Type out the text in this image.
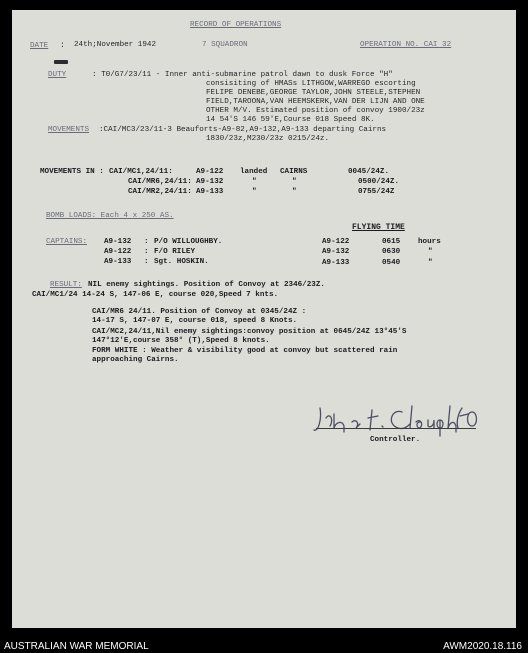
RECORD OF OPERATIONS
DATE : 24th;November 1942	7 SQUADRON	OPERATION NO. CAI 32
DUTY	: T0/G7/23/11 - Inner anti-submarine patrol dawn to dusk Force "H"
consisiting of HMASs LITHGOW,WARREGO escorting
FELIPE DENEBE,GEORGE TAYLOR,JOHN STEELE,STEPHEN
FIELD,TAROONA,VAN HEEMSKERK,VAN DER LIJN AND ONE
OTHER M/V. Estimated position of convoy 1900/23z
14 54'S 146 59'E,Course 018 Speed 8K.
MOVEMENTS :CAI/MC3/23/11-3 Beauforts-A9-82,A9-132,A9-133 departing Cairns
1830/23z,M230/23z 0215/24z.
MOVEMENTS IN : CAI/MC1,24/11:	A9-122 landed CAIRNS	0045/24Z.
CAI/MR6,24/11: A9-132	"	"	0500/24Z.
CAI/MR2,24/11: A9-133	"	"	0755/24Z
BOMB LOADS: Each 4 x 250 AS.
FLYING TIME
CAPTAINS: A9-132 : P/O WILLOUGHBY.
A9-122 : F/O RILEY
A9-133 : Sgt. HOSKIN.
A9-122	0615 hours
A9-132	0630	"
A9-133	0540	"
RESULT: NIL enemy sightings. Position of Convoy at 2346/23Z.
CAI/MC1/24 14-24 S, 147-06 E, course 020,Speed 7 knts.
CAI/MR6 24/11. Position of Convoy at 0345/24Z :
14-17 S, 147-07 E, course 018, speed 8 Knots.
CAI/MC2,24/11,Nil enemy sightings:convoy position at 0645/24Z 13°45'S
147°12'E,course 358° (T),Speed 8 knots.
FORM WHITE : Weather & visibility good at convoy but scattered rain
approaching Cairns.
Controller.
AUSTRALIAN WAR MEMORIAL	AWM2020.18.116
